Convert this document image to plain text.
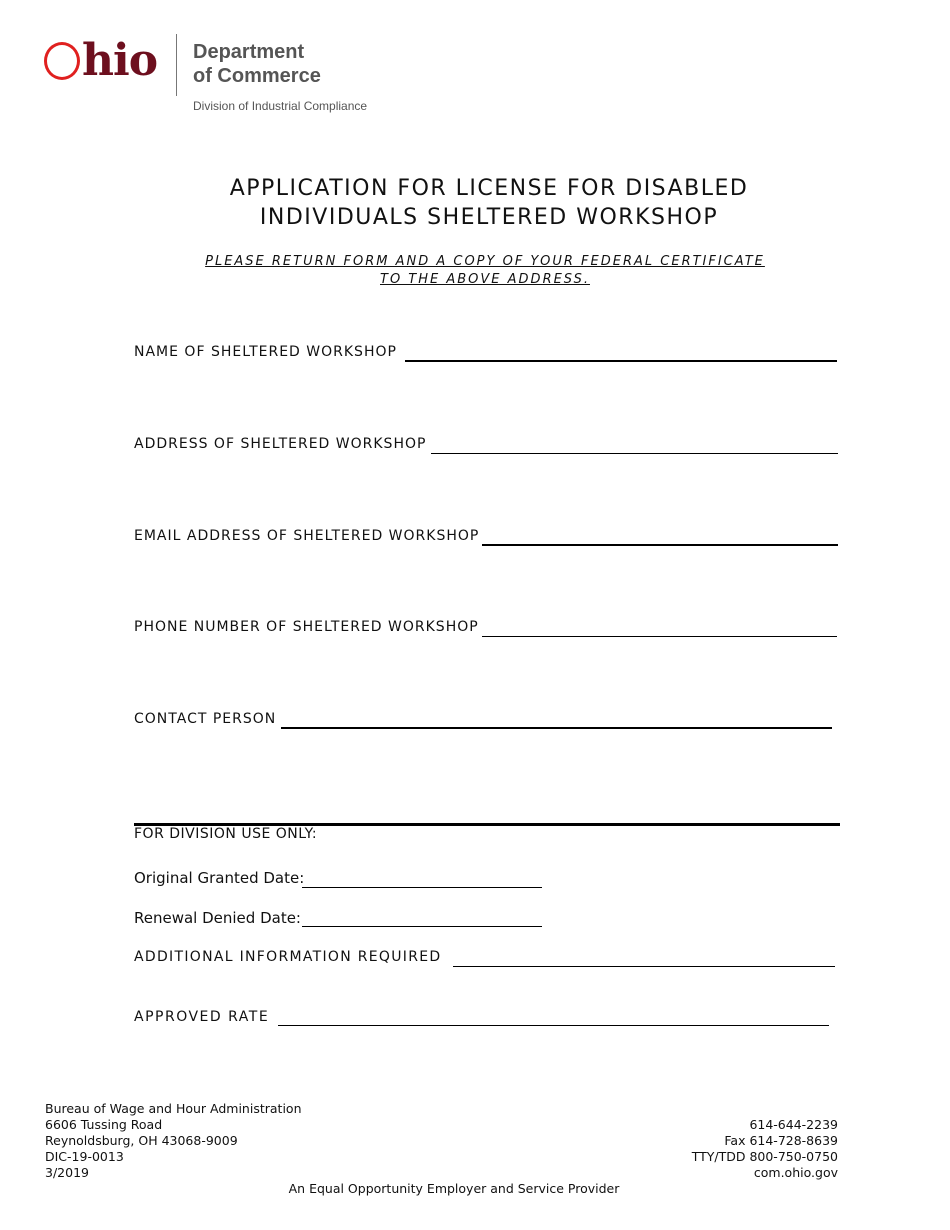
hio Department
of Commerce
Division of Industrial Compliance
APPLICATION FOR LICENSE FOR DISABLED
INDIVIDUALS SHELTERED WORKSHOP
PLEASE RETURN FORM AND A COPY OF YOUR FEDERAL CERTIFICATE
TO THE ABOVE ADDRESS.
NAME OF SHELTERED WORKSHOP
ADDRESS OF SHELTERED WORKSHOP
EMAIL ADDRESS OF SHELTERED WORKSHOP
PHONE NUMBER OF SHELTERED WORKSHOP
CONTACT PERSON
FOR DIVISION USE ONLY:
Original Granted Date:
Renewal Denied Date:
ADDITIONAL INFORMATION REQUIRED
APPROVED RATE
Bureau of Wage and Hour Administration
6606 Tussing Road
Reynoldsburg, OH 43068-9009
DIC-19-0013
3/2019
614-644-2239
Fax 614-728-8639
TTY/TDD 800-750-0750
com.ohio.gov
An Equal Opportunity Employer and Service Provider
